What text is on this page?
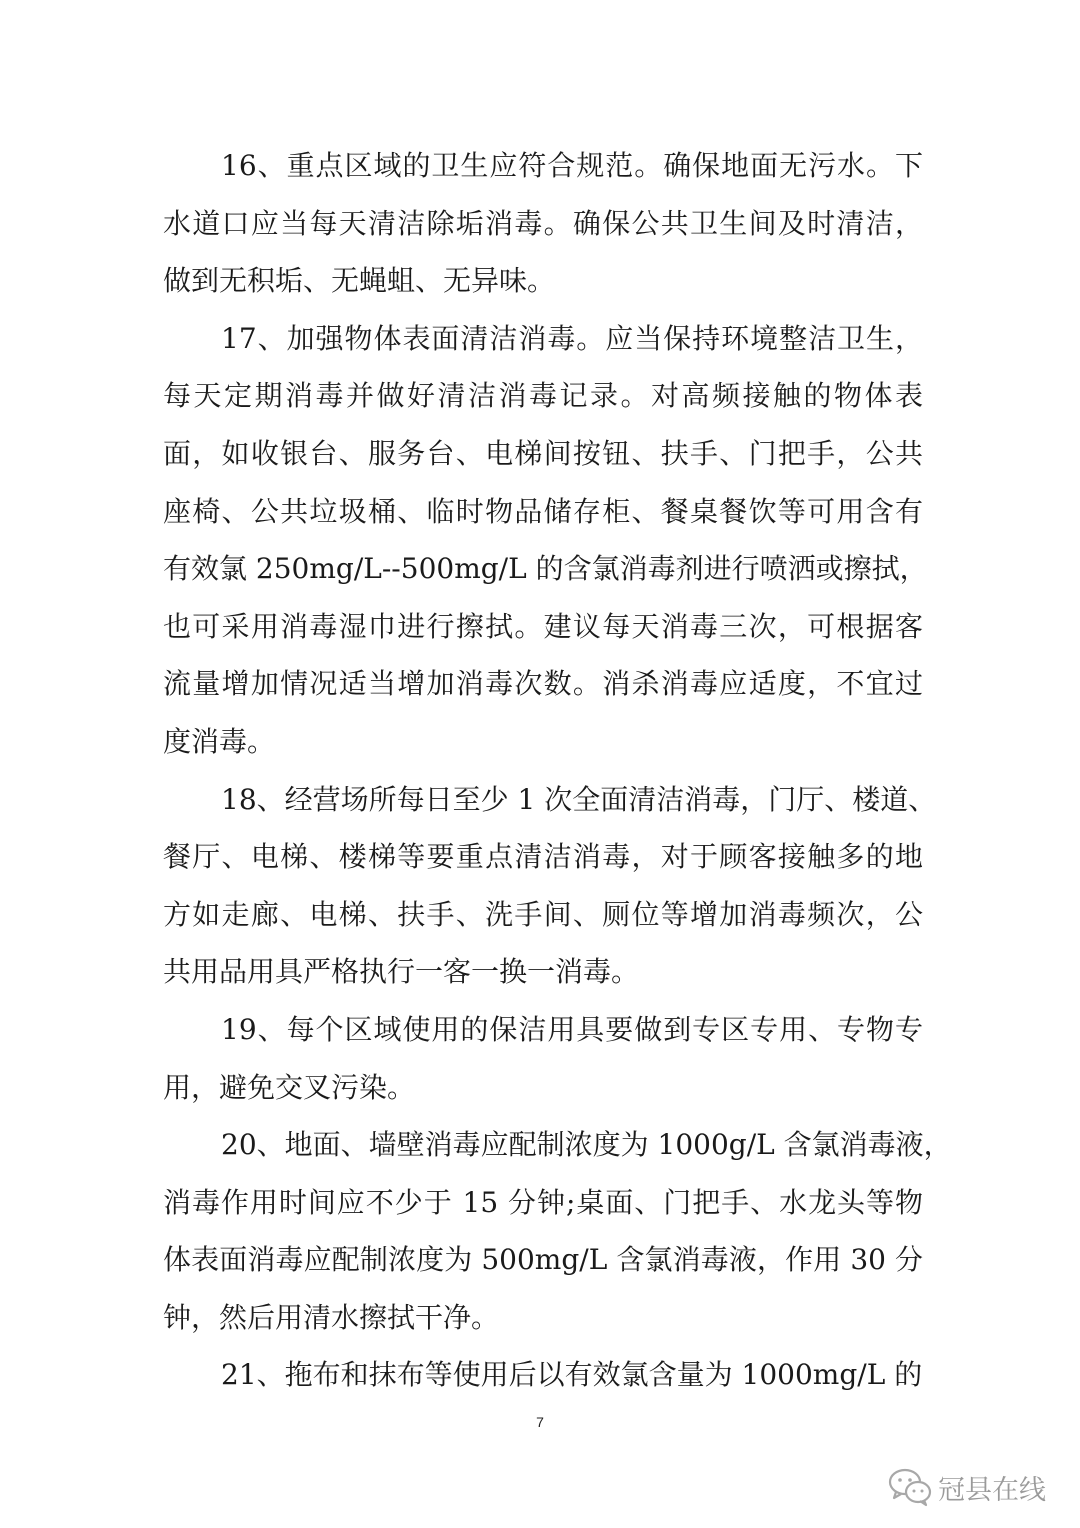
16、重点区域的卫生应符合规范。确保地面无污水。下
水道口应当每天清洁除垢消毒。确保公共卫生间及时清洁，
做到无积垢、无蝇蛆、无异味。
17、加强物体表面清洁消毒。应当保持环境整洁卫生，
每天定期消毒并做好清洁消毒记录。对高频接触的物体表
面，如收银台、服务台、电梯间按钮、扶手、门把手，公共
座椅、公共垃圾桶、临时物品储存柜、餐桌餐饮等可用含有
有效氯 250mg/L--500mg/L 的含氯消毒剂进行喷洒或擦拭，
也可采用消毒湿巾进行擦拭。建议每天消毒三次，可根据客
流量增加情况适当增加消毒次数。消杀消毒应适度，不宜过
度消毒。
18、经营场所每日至少 1 次全面清洁消毒，门厅、楼道、
餐厅、电梯、楼梯等要重点清洁消毒，对于顾客接触多的地
方如走廊、电梯、扶手、洗手间、厕位等增加消毒频次，公
共用品用具严格执行一客一换一消毒。
19、每个区域使用的保洁用具要做到专区专用、专物专
用，避免交叉污染。
20、地面、墙壁消毒应配制浓度为 1000g/L 含氯消毒液，
消毒作用时间应不少于 15 分钟;桌面、门把手、水龙头等物
体表面消毒应配制浓度为 500mg/L 含氯消毒液，作用 30 分
钟，然后用清水擦拭干净。
21、拖布和抹布等使用后以有效氯含量为 1000mg/L 的
7
冠县在线
